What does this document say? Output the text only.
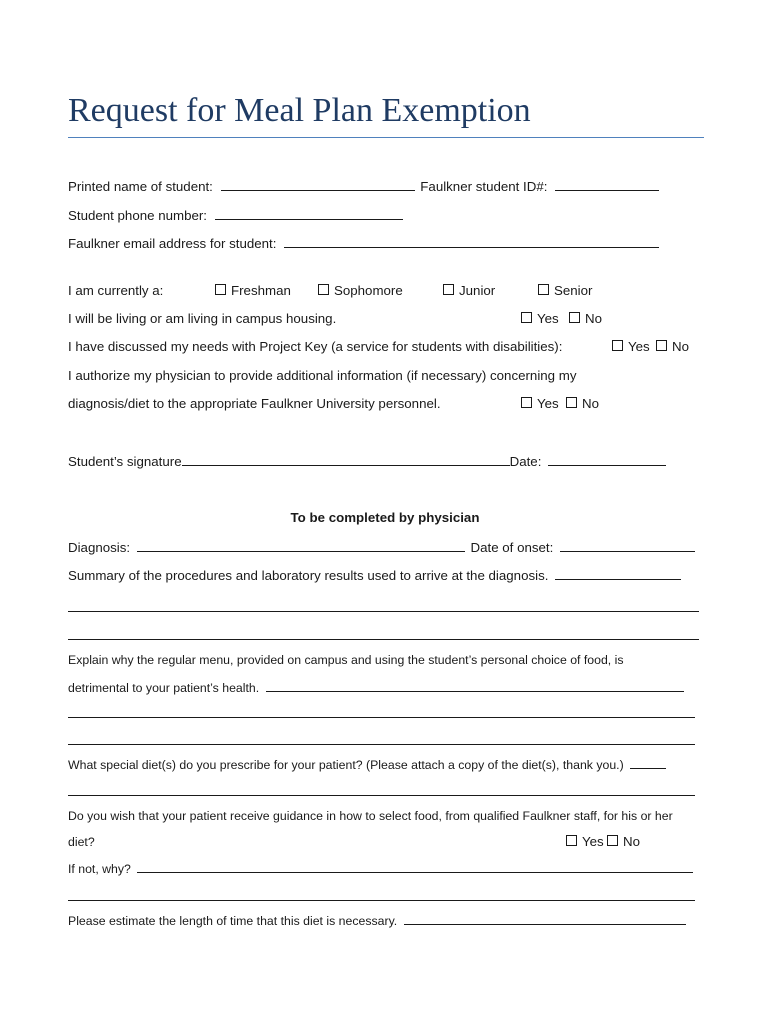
Request for Meal Plan Exemption
Printed name of student:	Faulkner student ID#:
Student phone number:
Faulkner email address for student:
I am currently a:	Freshman	Sophomore	Junior	Senior
I will be living or am living in campus housing.	Yes	No
I have discussed my needs with Project Key (a service for students with disabilities):	Yes	No
I authorize my physician to provide additional information (if necessary) concerning my
diagnosis/diet to the appropriate Faulkner University personnel.	Yes	No
Student’s signature	Date:
To be completed by physician
Diagnosis:	Date of onset:
Summary of the procedures and laboratory results used to arrive at the diagnosis.
Explain why the regular menu, provided on campus and using the student’s personal choice of food, is
detrimental to your patient’s health.
What special diet(s) do you prescribe for your patient? (Please attach a copy of the diet(s), thank you.)
Do you wish that your patient receive guidance in how to select food, from qualified Faulkner staff, for his or her
diet?	Yes	No
If not, why?
Please estimate the length of time that this diet is necessary.
